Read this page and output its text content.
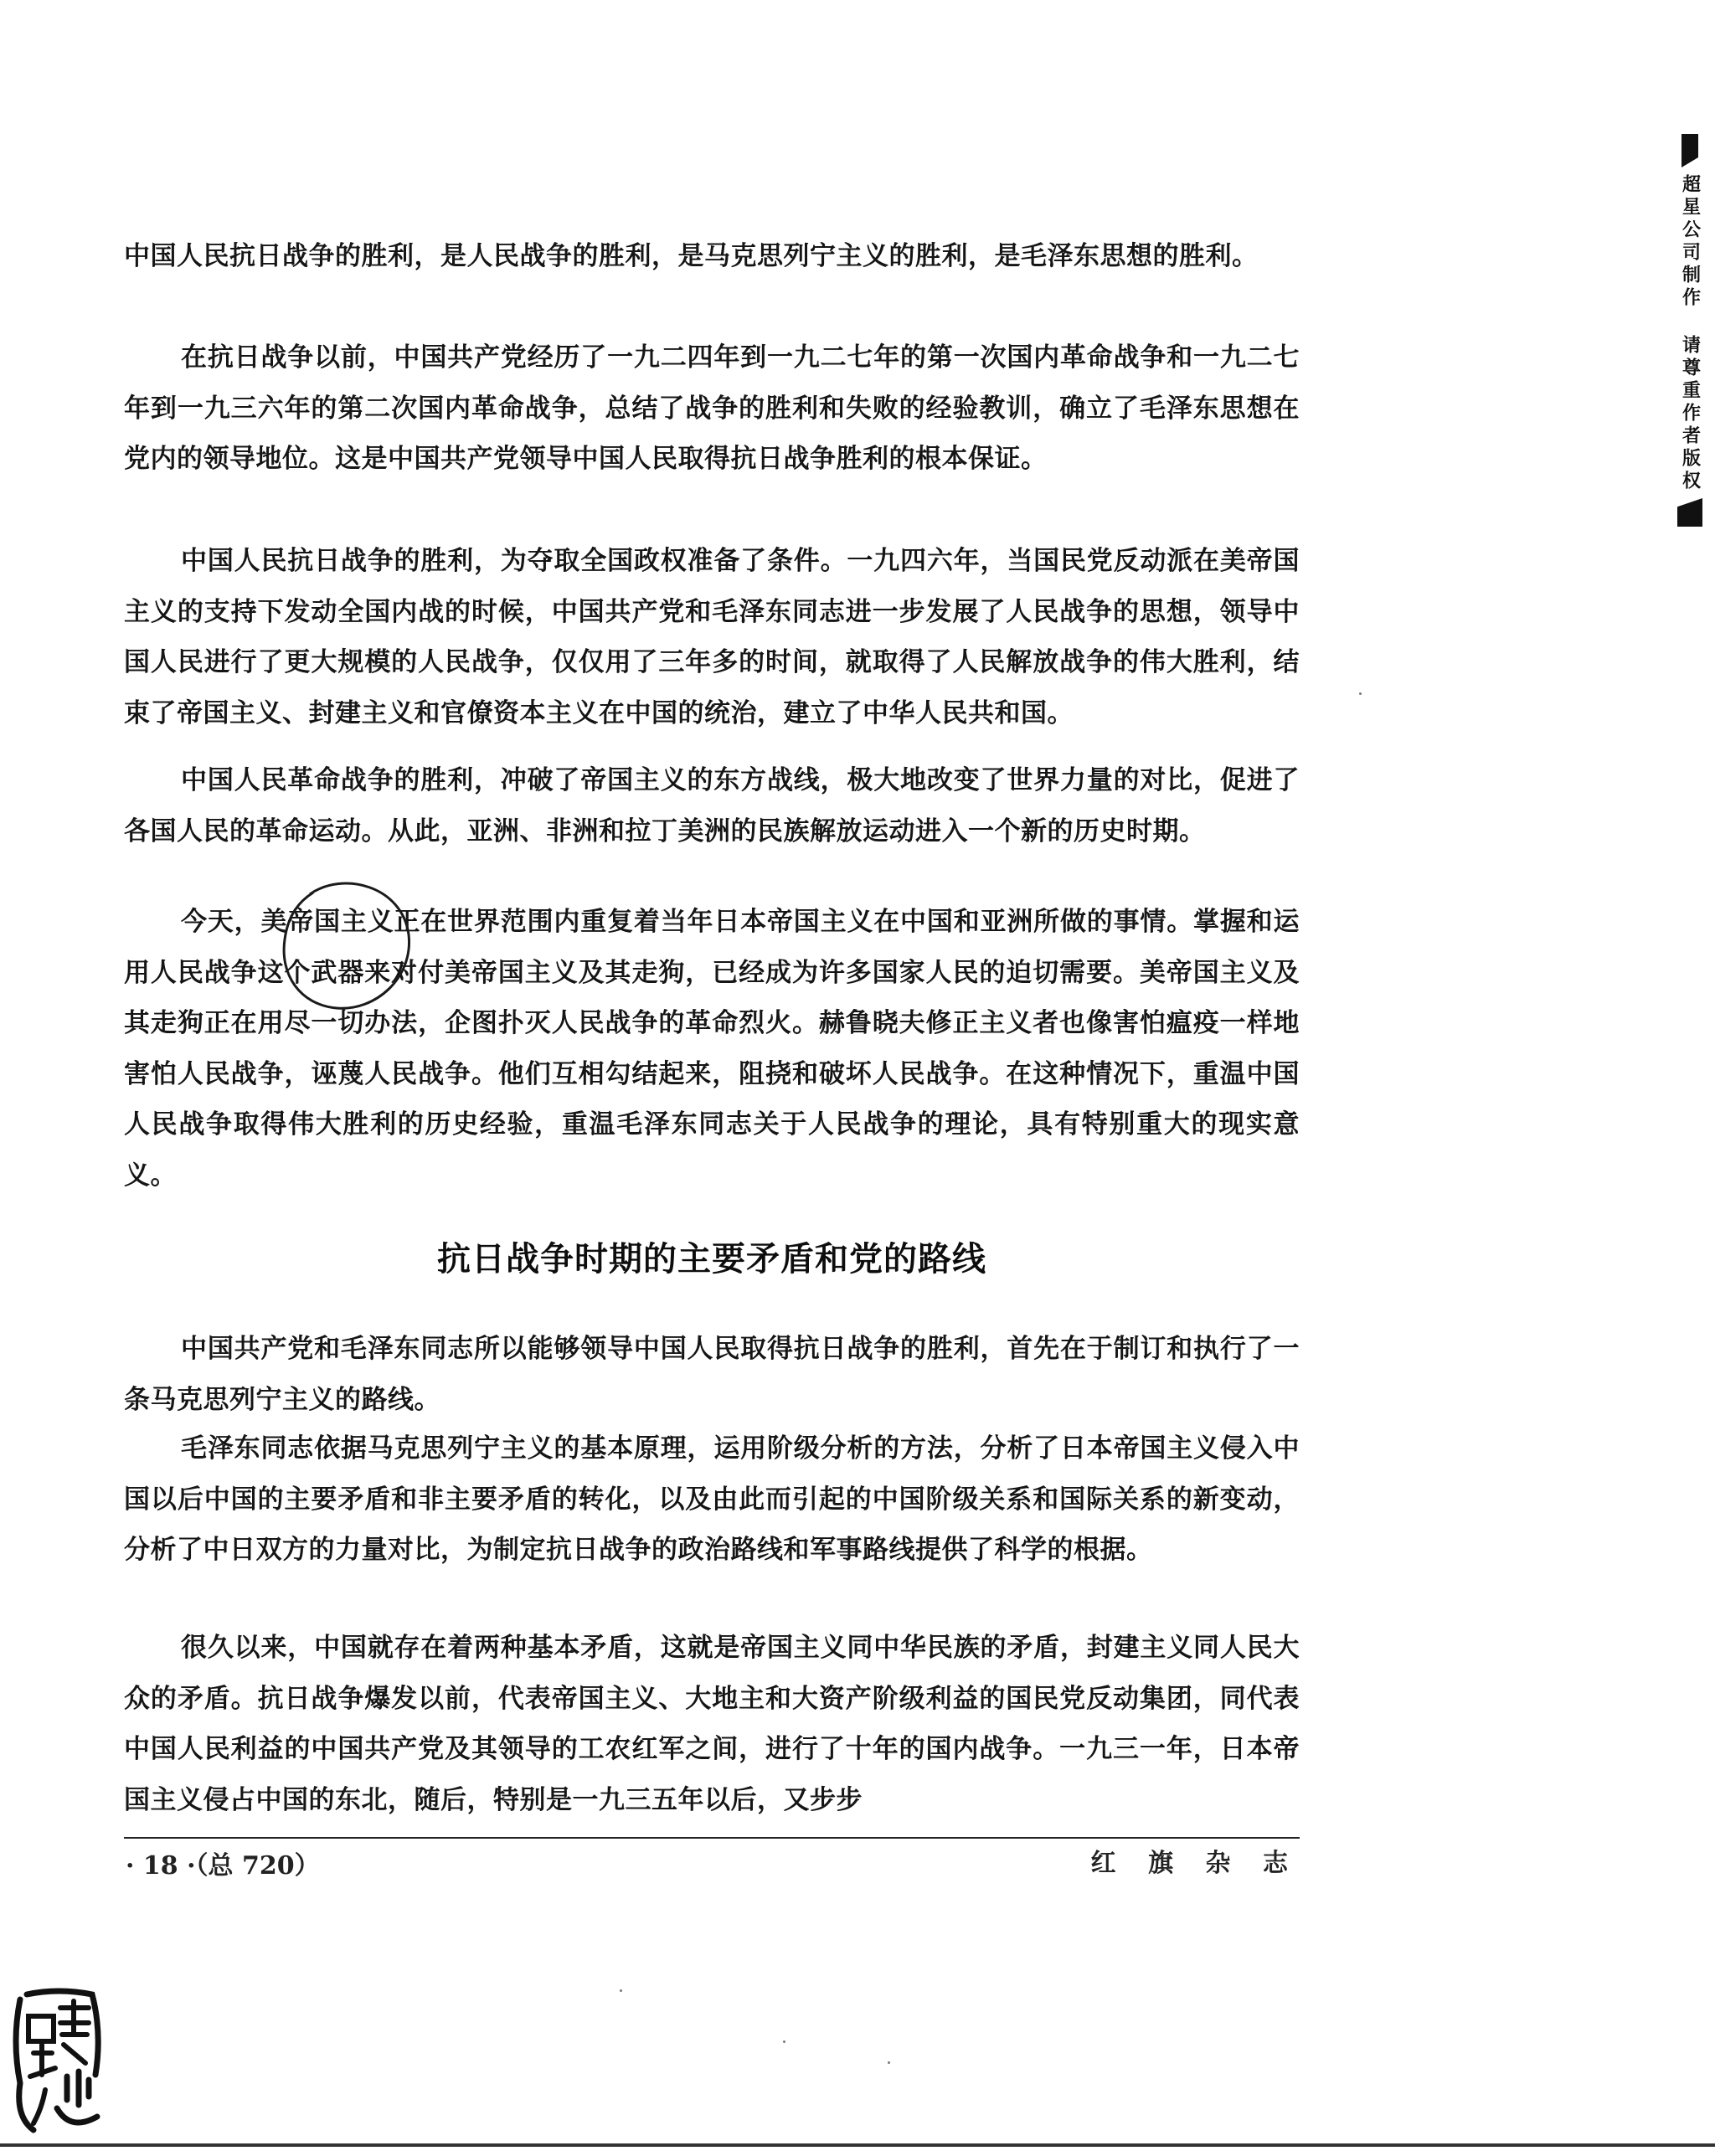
中国人民抗日战争的胜利，是人民战争的胜利，是马克思列宁主义的胜利，是毛泽东思想的胜利。

在抗日战争以前，中国共产党经历了一九二四年到一九二七年的第一次国内革命战争和一九二七年到一九三六年的第二次国内革命战争，总结了战争的胜利和失败的经验教训，确立了毛泽东思想在党内的领导地位。这是中国共产党领导中国人民取得抗日战争胜利的根本保证。

中国人民抗日战争的胜利，为夺取全国政权准备了条件。一九四六年，当国民党反动派在美帝国主义的支持下发动全国内战的时候，中国共产党和毛泽东同志进一步发展了人民战争的思想，领导中国人民进行了更大规模的人民战争，仅仅用了三年多的时间，就取得了人民解放战争的伟大胜利，结束了帝国主义、封建主义和官僚资本主义在中国的统治，建立了中华人民共和国。

中国人民革命战争的胜利，冲破了帝国主义的东方战线，极大地改变了世界力量的对比，促进了各国人民的革命运动。从此，亚洲、非洲和拉丁美洲的民族解放运动进入一个新的历史时期。

今天，美帝国主义正在世界范围内重复着当年日本帝国主义在中国和亚洲所做的事情。掌握和运用人民战争这个武器来对付美帝国主义及其走狗，已经成为许多国家人民的迫切需要。美帝国主义及其走狗正在用尽一切办法，企图扑灭人民战争的革命烈火。赫鲁晓夫修正主义者也像害怕瘟疫一样地害怕人民战争，诬蔑人民战争。他们互相勾结起来，阻挠和破坏人民战争。在这种情况下，重温中国人民战争取得伟大胜利的历史经验，重温毛泽东同志关于人民战争的理论，具有特别重大的现实意义。

抗日战争时期的主要矛盾和党的路线

中国共产党和毛泽东同志所以能够领导中国人民取得抗日战争的胜利，首先在于制订和执行了一条马克思列宁主义的路线。

毛泽东同志依据马克思列宁主义的基本原理，运用阶级分析的方法，分析了日本帝国主义侵入中国以后中国的主要矛盾和非主要矛盾的转化，以及由此而引起的中国阶级关系和国际关系的新变动，分析了中日双方的力量对比，为制定抗日战争的政治路线和军事路线提供了科学的根据。

很久以来，中国就存在着两种基本矛盾，这就是帝国主义同中华民族的矛盾，封建主义同人民大众的矛盾。抗日战争爆发以前，代表帝国主义、大地主和大资产阶级利益的国民党反动集团，同代表中国人民利益的中国共产党及其领导的工农红军之间，进行了十年的国内战争。一九三一年，日本帝国主义侵占中国的东北，随后，特别是一九三五年以后，又步步

· 18 ·（总 720）	红 旗 杂 志
超星公司制作 请尊重作者版权
